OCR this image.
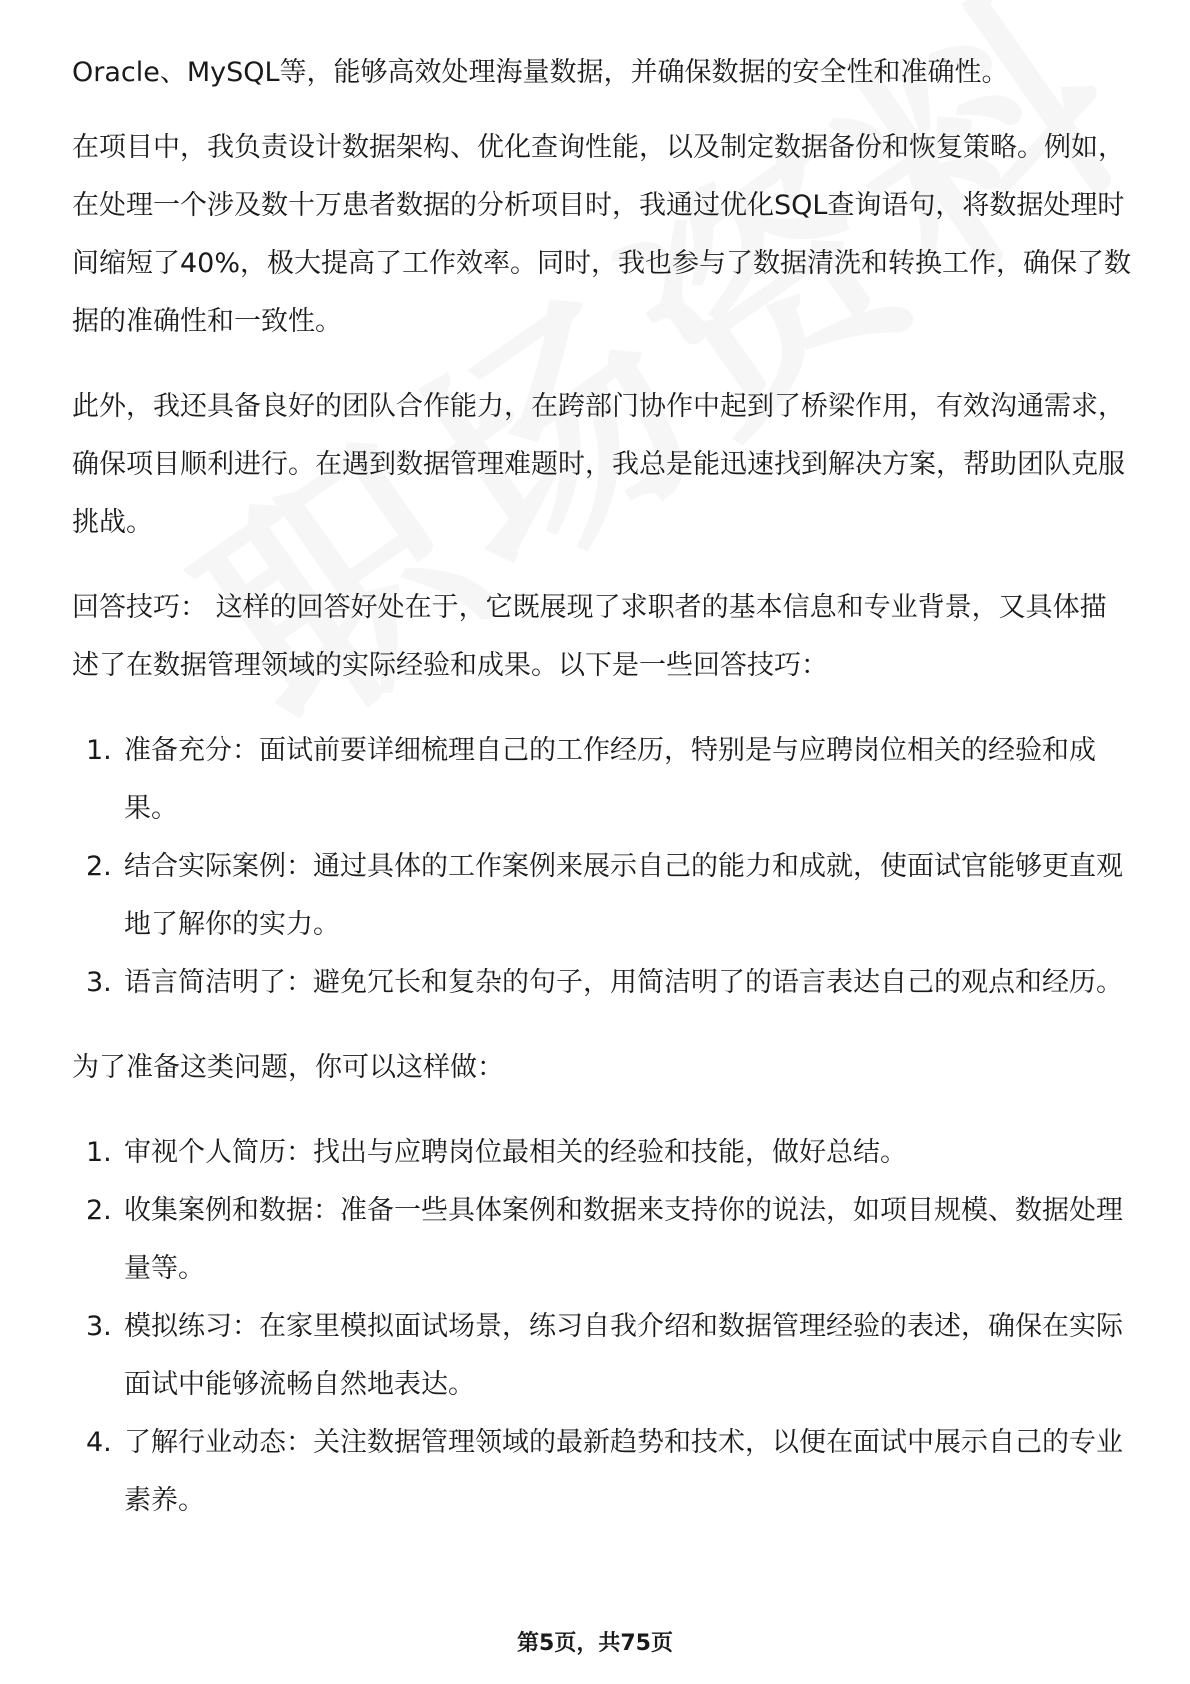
Oracle、MySQL等，能够高效处理海量数据，并确保数据的安全性和准确性。

在项目中，我负责设计数据架构、优化查询性能，以及制定数据备份和恢复策略。例如，在处理一个涉及数十万患者数据的分析项目时，我通过优化SQL查询语句，将数据处理时间缩短了40%，极大提高了工作效率。同时，我也参与了数据清洗和转换工作，确保了数据的准确性和一致性。

此外，我还具备良好的团队合作能力，在跨部门协作中起到了桥梁作用，有效沟通需求，确保项目顺利进行。在遇到数据管理难题时，我总是能迅速找到解决方案，帮助团队克服挑战。

回答技巧： 这样的回答好处在于，它既展现了求职者的基本信息和专业背景，又具体描述了在数据管理领域的实际经验和成果。以下是一些回答技巧：

1. 准备充分：面试前要详细梳理自己的工作经历，特别是与应聘岗位相关的经验和成果。
2. 结合实际案例：通过具体的工作案例来展示自己的能力和成就，使面试官能够更直观地了解你的实力。
3. 语言简洁明了：避免冗长和复杂的句子，用简洁明了的语言表达自己的观点和经历。

为了准备这类问题，你可以这样做：

1. 审视个人简历：找出与应聘岗位最相关的经验和技能，做好总结。
2. 收集案例和数据：准备一些具体案例和数据来支持你的说法，如项目规模、数据处理量等。
3. 模拟练习：在家里模拟面试场景，练习自我介绍和数据管理经验的表述，确保在实际面试中能够流畅自然地表达。
4. 了解行业动态：关注数据管理领域的最新趋势和技术，以便在面试中展示自己的专业素养。
第5页，共75页
